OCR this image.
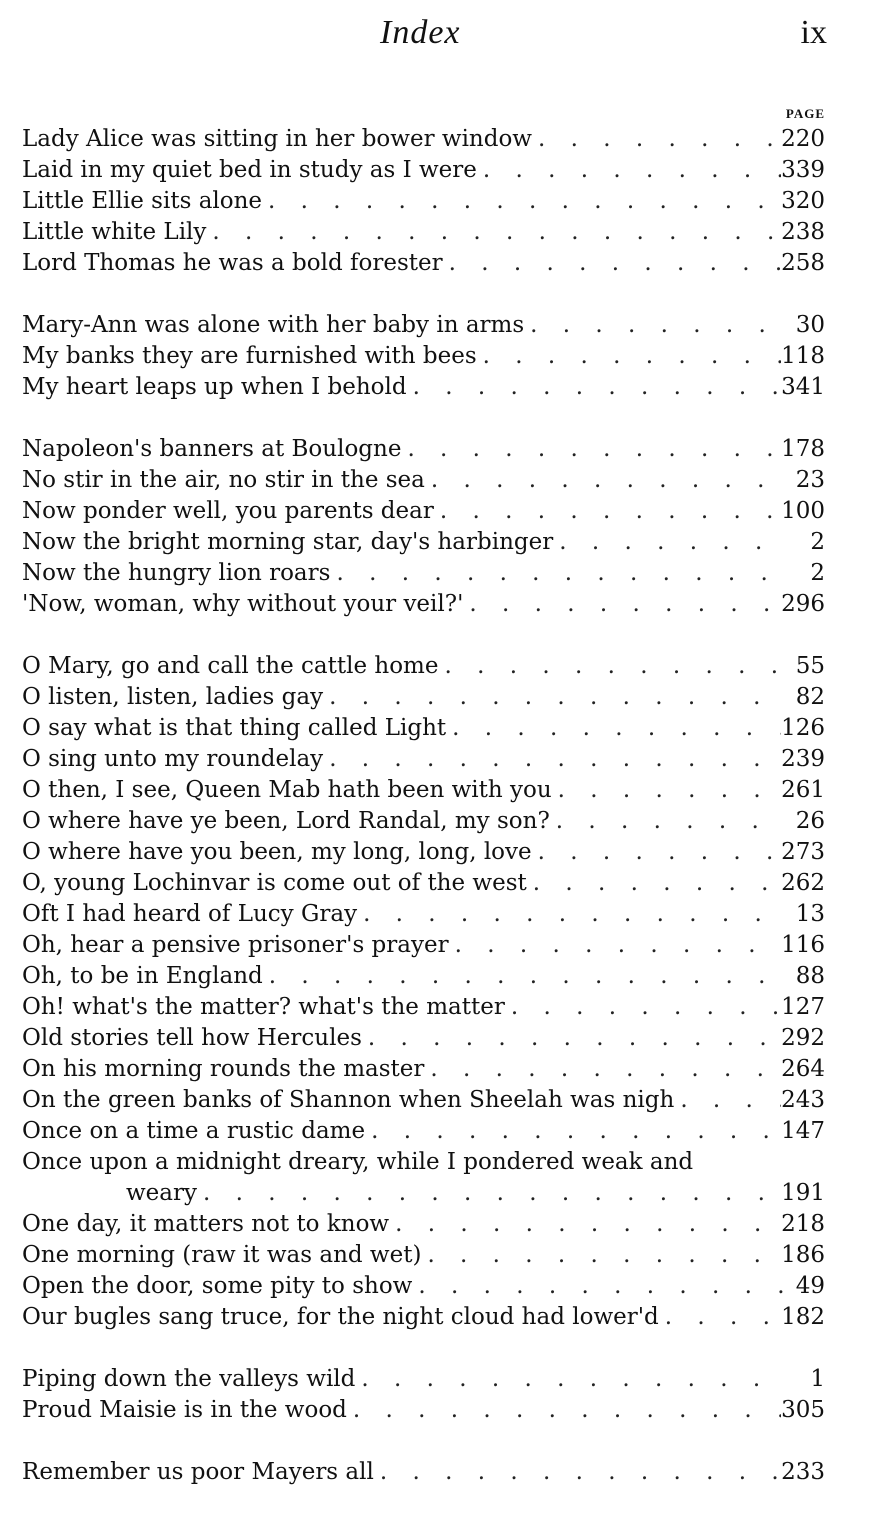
Index	ix
PAGE
Lady Alice was sitting in her bower window . . .	220
Laid in my quiet bed in study as I were . . .	339
Little Ellie sits alone . . .	320
Little white Lily . . .	238
Lord Thomas he was a bold forester . . .	258
Mary-Ann was alone with her baby in arms . . .	30
My banks they are furnished with bees . . .	118
My heart leaps up when I behold . . .	341
Napoleon's banners at Boulogne . . .	178
No stir in the air, no stir in the sea . . .	23
Now ponder well, you parents dear . . .	100
Now the bright morning star, day's harbinger . . .	2
Now the hungry lion roars . . .	2
'Now, woman, why without your veil?' . . .	296
O Mary, go and call the cattle home . . .	55
O listen, listen, ladies gay . . .	82
O say what is that thing called Light . . .	126
O sing unto my roundelay . . .	239
O then, I see, Queen Mab hath been with you . . .	261
O where have ye been, Lord Randal, my son? . . .	26
O where have you been, my long, long, love . . .	273
O, young Lochinvar is come out of the west . . .	262
Oft I had heard of Lucy Gray . . .	13
Oh, hear a pensive prisoner's prayer . . .	116
Oh, to be in England . . .	88
Oh! what's the matter? what's the matter . . .	127
Old stories tell how Hercules . . .	292
On his morning rounds the master . . .	264
On the green banks of Shannon when Sheelah was nigh . . .	243
Once on a time a rustic dame . . .	147
Once upon a midnight dreary, while I pondered weak and
weary . . .	191
One day, it matters not to know . . .	218
One morning (raw it was and wet) . . .	186
Open the door, some pity to show . . .	49
Our bugles sang truce, for the night cloud had lower'd . . .	182
Piping down the valleys wild . . .	1
Proud Maisie is in the wood . . .	305
Remember us poor Mayers all . . .	233
